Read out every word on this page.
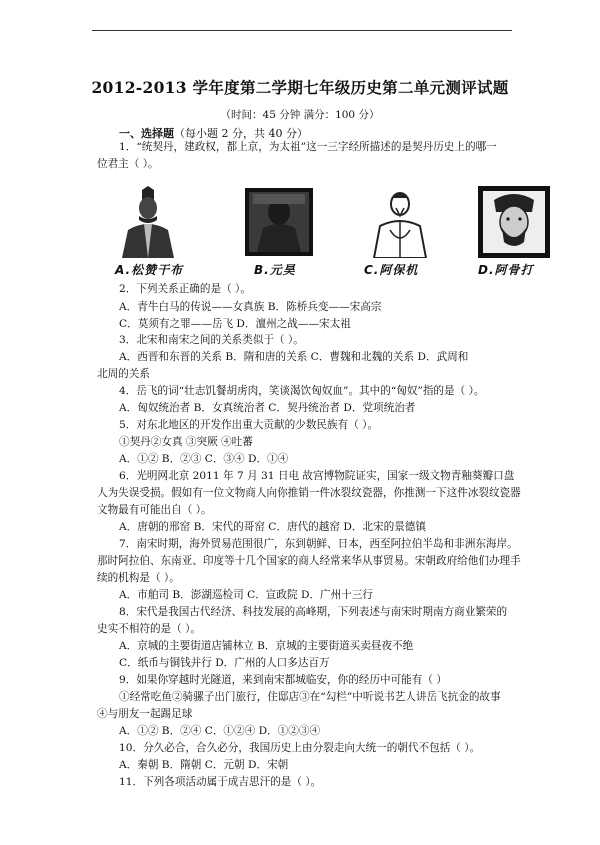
2012-2013 学年度第二学期七年级历史第二单元测评试题
（时间：45 分钟 满分：100 分）
一、选择题（每小题 2 分，共 40 分）
1．“统契丹，建政权，都上京，为太祖”这一三字经所描述的是契丹历史上的哪一
位君主（ ）。
A.松赞干布	B.元昊	C.阿保机	D.阿骨打
2．下列关系正确的是（ ）。
A．青牛白马的传说——女真族 B．陈桥兵变——宋高宗
C．莫须有之罪——岳飞 D．澶州之战——宋太祖
3．北宋和南宋之间的关系类似于（ ）。
A．西晋和东晋的关系 B．隋和唐的关系 C．曹魏和北魏的关系 D．武周和
北周的关系
4．岳飞的词“壮志饥餐胡虏肉，笑谈渴饮匈奴血”。其中的“匈奴”指的是（ ）。
A．匈奴统治者 B．女真统治者 C．契丹统治者 D．党项统治者
5．对东北地区的开发作出重大贡献的少数民族有（ ）。
①契丹②女真 ③突厥 ④吐蕃
A．①② B．②③ C．③④ D．①④
6．光明网北京 2011 年 7 月 31 日电 故宫博物院证实，国家一级文物青釉葵瓣口盘
人为失误受损。假如有一位文物商人向你推销一件冰裂纹瓷器，你推测一下这件冰裂纹瓷器
文物最有可能出自（ ）。
A．唐朝的邢窑 B．宋代的哥窑 C．唐代的越窑 D．北宋的景德镇
7．南宋时期，海外贸易范围很广，东到朝鲜、日本，西至阿拉伯半岛和非洲东海岸。
那时阿拉伯、东南亚、印度等十几个国家的商人经常来华从事贸易。宋朝政府给他们办理手
续的机构是（ ）。
A．市舶司 B．澎湖巡检司 C．宣政院 D．广州十三行
8．宋代是我国古代经济、科技发展的高峰期，下列表述与南宋时期南方商业繁荣的
史实不相符的是（ ）。
A．京城的主要街道店铺林立 B．京城的主要街道买卖昼夜不绝
C．纸币与铜钱并行 D．广州的人口多达百万
9．如果你穿越时光隧道，来到南宋都城临安，你的经历中可能有（ ）
①经常吃鱼②骑骡子出门旅行，住邸店③在“勾栏”中听说书艺人讲岳飞抗金的故事
④与朋友一起踢足球
A．①② B．②④ C．①②④ D．①②③④
10．分久必合，合久必分，我国历史上由分裂走向大统一的朝代不包括（ ）。
A．秦朝 B．隋朝 C．元朝 D．宋朝
11．下列各项活动属于成吉思汗的是（ ）。
